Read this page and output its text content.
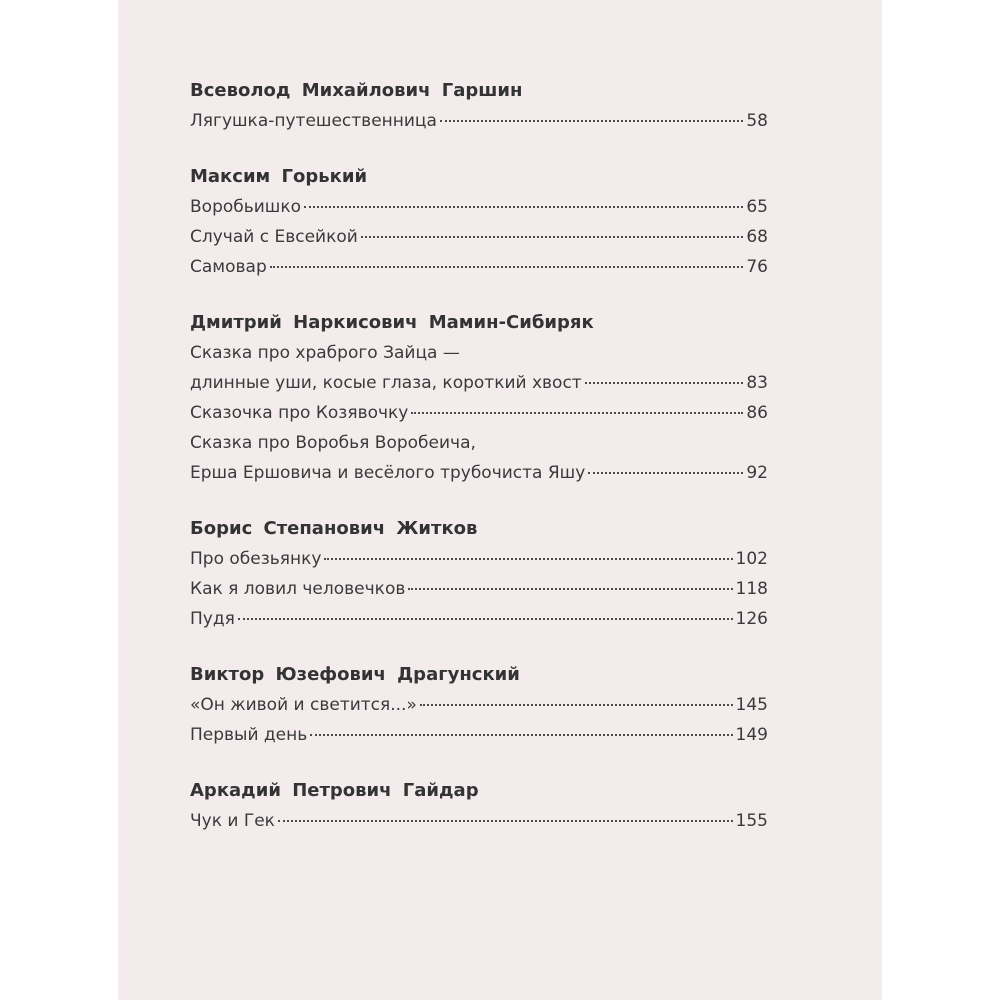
Всеволод Михайлович Гаршин
Лягушка-путешественница	58
Максим Горький
Воробьишко	65
Случай с Евсейкой	68
Самовар	76
Дмитрий Наркисович Мамин-Сибиряк
Сказка про храброго Зайца —
длинные уши, косые глаза, короткий хвост	83
Сказочка про Козявочку	86
Сказка про Воробья Воробеича,
Ерша Ершовича и весёлого трубочиста Яшу	92
Борис Степанович Житков
Про обезьянку	102
Как я ловил человечков	118
Пудя	126
Виктор Юзефович Драгунский
«Он живой и светится...»	145
Первый день	149
Аркадий Петрович Гайдар
Чук и Гек	155
